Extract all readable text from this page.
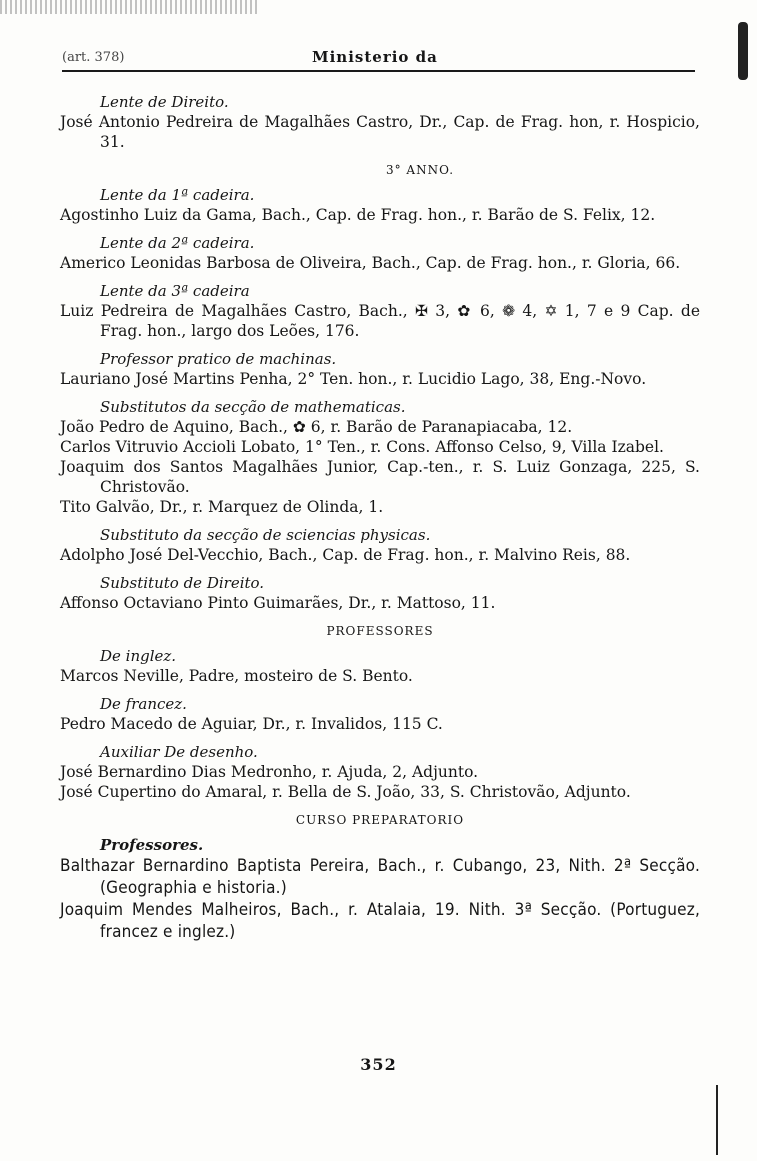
(art. 378)	Ministerio da
Lente de Direito.
José Antonio Pedreira de Magalhães Castro, Dr., Cap. de Frag. hon, r. Hospicio, 31.
3° ANNO.
Lente da 1ª cadeira.
Agostinho Luiz da Gama, Bach., Cap. de Frag. hon., r. Barão de S. Felix, 12.
Lente da 2ª cadeira.
Americo Leonidas Barbosa de Oliveira, Bach., Cap. de Frag. hon., r. Gloria, 66.
Lente da 3ª cadeira
Luiz Pedreira de Magalhães Castro, Bach., ✠ 3, ✿ 6, ❁ 4, ✡ 1, 7 e 9 Cap. de Frag. hon., largo dos Leões, 176.
Professor pratico de machinas.
Lauriano José Martins Penha, 2° Ten. hon., r. Lucidio Lago, 38, Eng.-Novo.
Substitutos da secção de mathematicas.
João Pedro de Aquino, Bach., ✿ 6, r. Barão de Paranapiacaba, 12.
Carlos Vitruvio Accioli Lobato, 1° Ten., r. Cons. Affonso Celso, 9, Villa Izabel.
Joaquim dos Santos Magalhães Junior, Cap.-ten., r. S. Luiz Gonzaga, 225, S. Christovão.
Tito Galvão, Dr., r. Marquez de Olinda, 1.
Substituto da secção de sciencias physicas.
Adolpho José Del-Vecchio, Bach., Cap. de Frag. hon., r. Malvino Reis, 88.
Substituto de Direito.
Affonso Octaviano Pinto Guimarães, Dr., r. Mattoso, 11.
PROFESSORES
De inglez.
Marcos Neville, Padre, mosteiro de S. Bento.
De francez.
Pedro Macedo de Aguiar, Dr., r. Invalidos, 115 C.
Auxiliar De desenho.
José Bernardino Dias Medronho, r. Ajuda, 2, Adjunto.
José Cupertino do Amaral, r. Bella de S. João, 33, S. Christovão, Adjunto.
CURSO PREPARATORIO
Professores.
Balthazar Bernardino Baptista Pereira, Bach., r. Cubango, 23, Nith. 2ª Secção. (Geographia e historia.)
Joaquim Mendes Malheiros, Bach., r. Atalaia, 19. Nith. 3ª Secção. (Portuguez, francez e inglez.)
352
